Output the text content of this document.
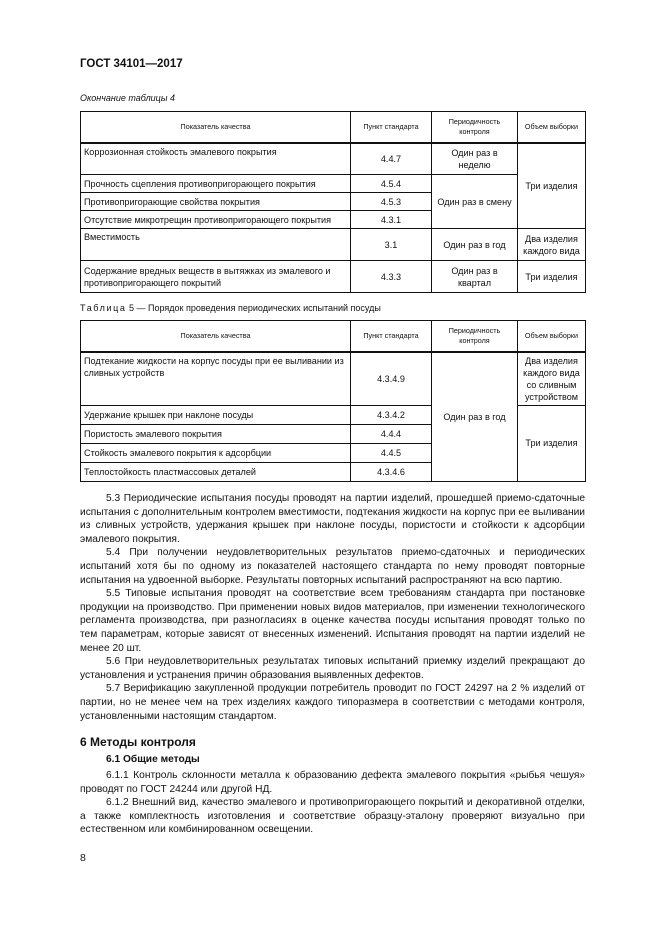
ГОСТ 34101—2017
Окончание таблицы 4
Показатель качества	Пункт стандарта	Периодичность контроля	Объем выборки
Коррозионная стойкость эмалевого покрытия	4.4.7	Один раз в неделю	Три изделия
Прочность сцепления противопригорающего покрытия	4.5.4	Один раз в смену	
Противопригорающие свойства покрытия	4.5.3		
Отсутствие микротрещин противопригорающего покрытия	4.3.1		
Вместимость	3.1	Один раз в год	Два изделия каждого вида
Содержание вредных веществ в вытяжках из эмалевого и противопригорающего покрытий	4.3.3	Один раз в квартал	Три изделия
Таблица 5 — Порядок проведения периодических испытаний посуды
Показатель качества	Пункт стандарта	Периодичность контроля	Объем выборки
Подтекание жидкости на корпус посуды при ее выливании из сливных устройств	4.3.4.9	Один раз в год	Два изделия каждого вида со сливным устройством
Удержание крышек при наклоне посуды	4.3.4.2		Три изделия
Пористость эмалевого покрытия	4.4.4		
Стойкость эмалевого покрытия к адсорбции	4.4.5		
Теплостойкость пластмассовых деталей	4.3.4.6		

5.3 Периодические испытания посуды проводят на партии изделий, прошедшей приемо-сдаточные испытания с дополнительным контролем вместимости, подтекания жидкости на корпус при ее выливании из сливных устройств, удержания крышек при наклоне посуды, пористости и стойкости к адсорбции эмалевого покрытия.

5.4 При получении неудовлетворительных результатов приемо-сдаточных и периодических испытаний хотя бы по одному из показателей настоящего стандарта по нему проводят повторные испытания на удвоенной выборке. Результаты повторных испытаний распространяют на всю партию.

5.5 Типовые испытания проводят на соответствие всем требованиям стандарта при постановке продукции на производство. При применении новых видов материалов, при изменении технологического регламента производства, при разногласиях в оценке качества посуды испытания проводят только по тем параметрам, которые зависят от внесенных изменений. Испытания проводят на партии изделий не менее 20 шт.

5.6 При неудовлетворительных результатах типовых испытаний приемку изделий прекращают до установления и устранения причин образования выявленных дефектов.

5.7 Верификацию закупленной продукции потребитель проводит по ГОСТ 24297 на 2 % изделий от партии, но не менее чем на трех изделиях каждого типоразмера в соответствии с методами контроля, установленными настоящим стандартом.

6 Методы контроля
6.1 Общие методы

6.1.1 Контроль склонности металла к образованию дефекта эмалевого покрытия «рыбья чешуя» проводят по ГОСТ 24244 или другой НД.

6.1.2 Внешний вид, качество эмалевого и противопригорающего покрытий и декоративной отделки, а также комплектность изготовления и соответствие образцу-эталону проверяют визуально при естественном или комбинированном освещении.

8
